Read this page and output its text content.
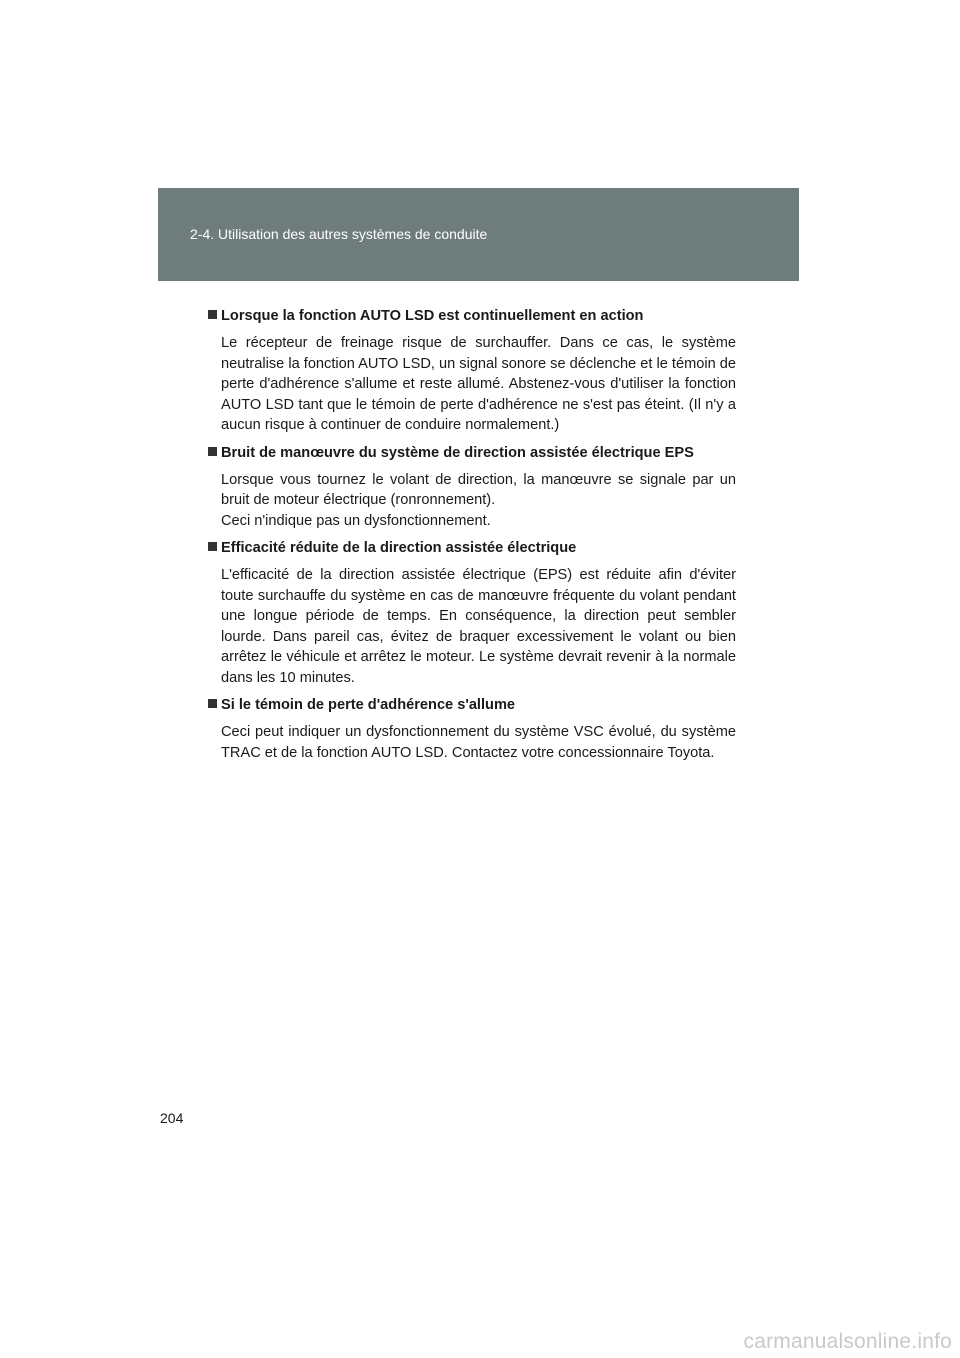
2-4. Utilisation des autres systèmes de conduite
Lorsque la fonction AUTO LSD est continuellement en action
Le récepteur de freinage risque de surchauffer. Dans ce cas, le système neutralise la fonction AUTO LSD, un signal sonore se déclenche et le témoin de perte d'adhérence s'allume et reste allumé. Abstenez-vous d'utiliser la fonction AUTO LSD tant que le témoin de perte d'adhérence ne s'est pas éteint. (Il n'y a aucun risque à continuer de conduire normalement.)
Bruit de manœuvre du système de direction assistée électrique EPS
Lorsque vous tournez le volant de direction, la manœuvre se signale par un bruit de moteur électrique (ronronnement).
Ceci n'indique pas un dysfonctionnement.
Efficacité réduite de la direction assistée électrique
L'efficacité de la direction assistée électrique (EPS) est réduite afin d'éviter toute surchauffe du système en cas de manœuvre fréquente du volant pendant une longue période de temps. En conséquence, la direction peut sembler lourde. Dans pareil cas, évitez de braquer excessivement le volant ou bien arrêtez le véhicule et arrêtez le moteur. Le système devrait revenir à la normale dans les 10 minutes.
Si le témoin de perte d'adhérence s'allume
Ceci peut indiquer un dysfonctionnement du système VSC évolué, du système TRAC et de la fonction AUTO LSD. Contactez votre concessionnaire Toyota.
204
carmanualsonline.info
